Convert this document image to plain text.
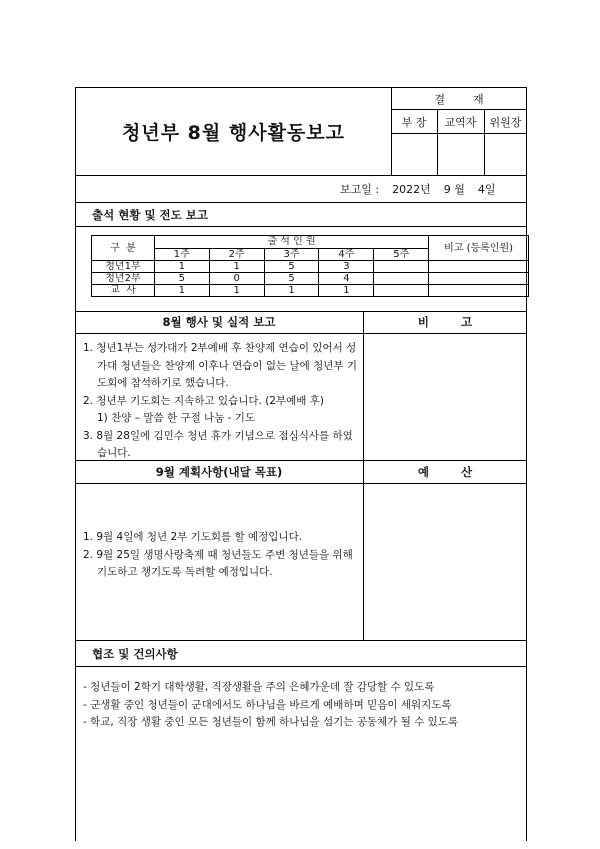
청년부 8월 행사활동보고
결        재
부 장	교역자	위원장
보고일 : 2022년 9 월 4일
출석 현황 및 전도 보고
구  분	출 석 인 원					비고 (등록인원)
	1주	2주	3주	4주	5주	
청년1부	1	1	5	3		
청년2부	5	0	5	4		
교  사	1	1	1	1		
8월 행사 및 실적 보고	비        고
1. 청년1부는 성가대가 2부예배 후 찬양제 연습이 있어서 성가대 청년들은 찬양제 이후나 연습이 없는 날에 청년부 기도회에 참석하기로 했습니다.
2. 청년부 기도회는 지속하고 있습니다. (2부예배 후)
1) 찬양 – 말씀 한 구절 나눔 - 기도
3. 8월 28일에 김민수 청년 휴가 기념으로 점심식사를 하였습니다.
9월 계획사항(내달 목표)	예        산
1. 9월 4일에 청년 2부 기도회를 할 예정입니다.
2. 9월 25일 생명사랑축제 때 청년들도 주변 청년들을 위해 기도하고 챙기도록 독려할 예정입니다.
협조 및 건의사항
- 청년들이 2학기 대학생활, 직장생활을 주의 은혜가운데 잘 감당할 수 있도록
- 군생활 중인 청년들이 군대에서도 하나님을 바르게 예배하며 믿음이 세워지도록
- 학교, 직장 생활 중인 모든 청년들이 함께 하나님을 섬기는 공동체가 될 수 있도록
